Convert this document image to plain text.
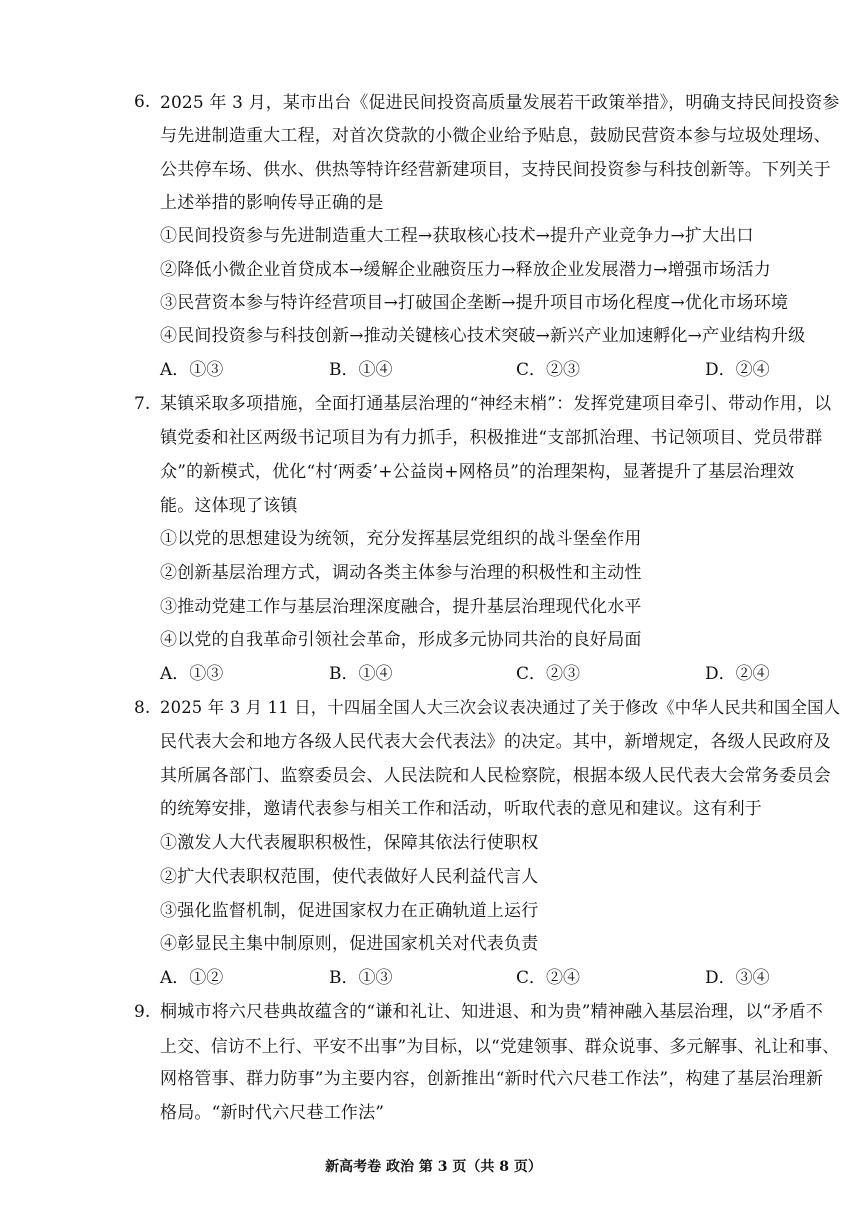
6. 2025 年 3 月，某市出台《促进民间投资高质量发展若干政策举措》，明确支持民间投资参
与先进制造重大工程，对首次贷款的小微企业给予贴息，鼓励民营资本参与垃圾处理场、
公共停车场、供水、供热等特许经营新建项目，支持民间投资参与科技创新等。下列关于
上述举措的影响传导正确的是
①民间投资参与先进制造重大工程→获取核心技术→提升产业竞争力→扩大出口
②降低小微企业首贷成本→缓解企业融资压力→释放企业发展潜力→增强市场活力
③民营资本参与特许经营项目→打破国企垄断→提升项目市场化程度→优化市场环境
④民间投资参与科技创新→推动关键核心技术突破→新兴产业加速孵化→产业结构升级
A．①③	B．①④	C．②③	D．②④
7. 某镇采取多项措施，全面打通基层治理的“神经末梢”：发挥党建项目牵引、带动作用，以
镇党委和社区两级书记项目为有力抓手，积极推进“支部抓治理、书记领项目、党员带群
众”的新模式，优化“村‘两委’+公益岗+网格员”的治理架构，显著提升了基层治理效
能。这体现了该镇
①以党的思想建设为统领，充分发挥基层党组织的战斗堡垒作用
②创新基层治理方式，调动各类主体参与治理的积极性和主动性
③推动党建工作与基层治理深度融合，提升基层治理现代化水平
④以党的自我革命引领社会革命，形成多元协同共治的良好局面
A．①③	B．①④	C．②③	D．②④
8. 2025 年 3 月 11 日，十四届全国人大三次会议表决通过了关于修改《中华人民共和国全国人
民代表大会和地方各级人民代表大会代表法》的决定。其中，新增规定，各级人民政府及
其所属各部门、监察委员会、人民法院和人民检察院，根据本级人民代表大会常务委员会
的统筹安排，邀请代表参与相关工作和活动，听取代表的意见和建议。这有利于
①激发人大代表履职积极性，保障其依法行使职权
②扩大代表职权范围，使代表做好人民利益代言人
③强化监督机制，促进国家权力在正确轨道上运行
④彰显民主集中制原则，促进国家机关对代表负责
A．①②	B．①③	C．②④	D．③④
9. 桐城市将六尺巷典故蕴含的“谦和礼让、知进退、和为贵”精神融入基层治理，以“矛盾不
上交、信访不上行、平安不出事”为目标，以“党建领事、群众说事、多元解事、礼让和事、
网格管事、群力防事”为主要内容，创新推出“新时代六尺巷工作法”，构建了基层治理新
格局。“新时代六尺巷工作法”
新高考卷 政治 第 3 页（共 8 页）
